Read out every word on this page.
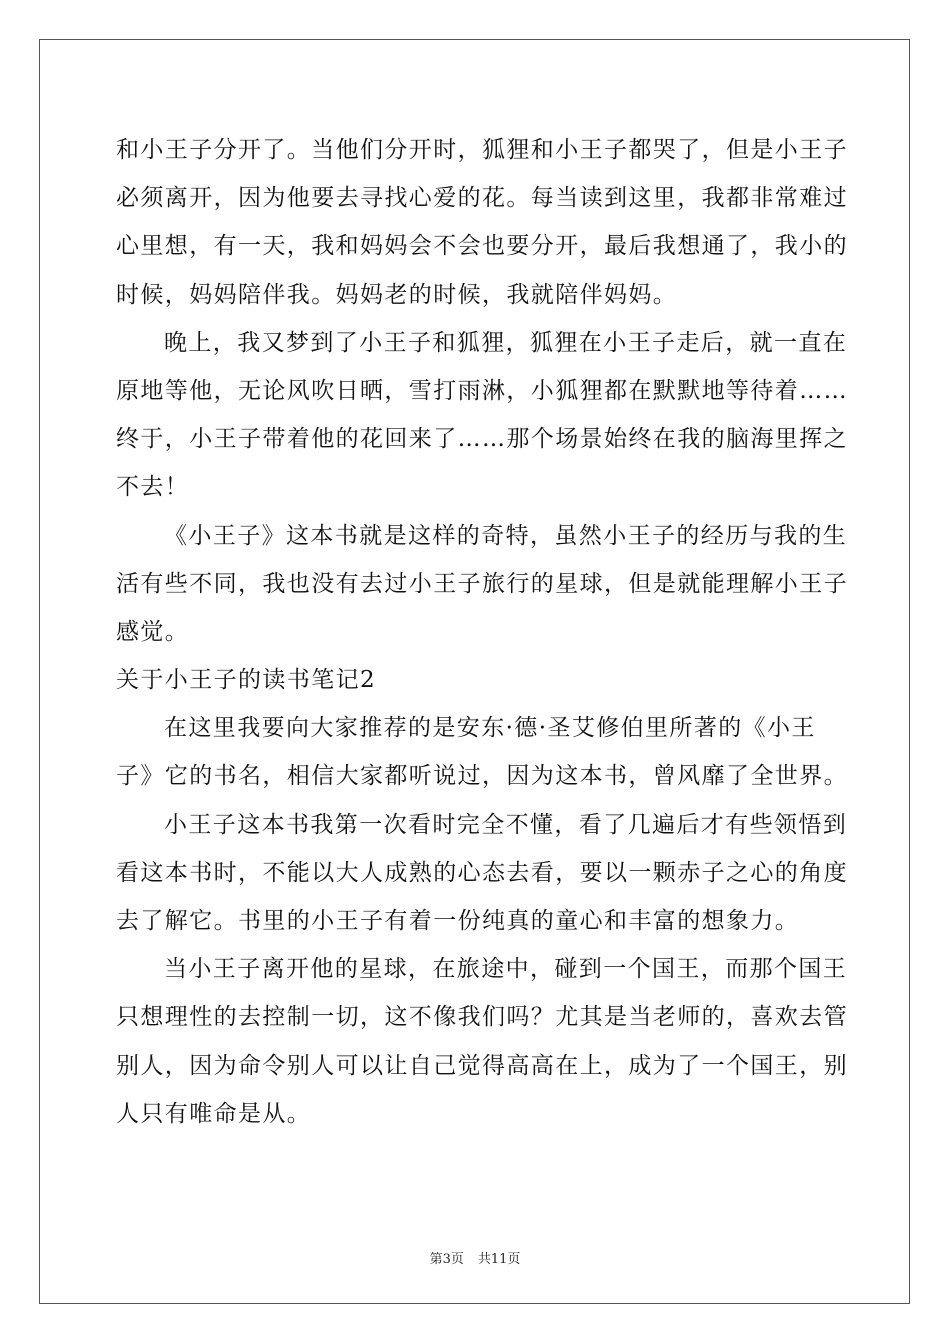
和小王子分开了。当他们分开时，狐狸和小王子都哭了，但是小王子
必须离开，因为他要去寻找心爱的花。每当读到这里，我都非常难过
心里想，有一天，我和妈妈会不会也要分开，最后我想通了，我小的
时候，妈妈陪伴我。妈妈老的时候，我就陪伴妈妈。
晚上，我又梦到了小王子和狐狸，狐狸在小王子走后，就一直在
原地等他，无论风吹日晒，雪打雨淋，小狐狸都在默默地等待着……
终于，小王子带着他的花回来了……那个场景始终在我的脑海里挥之
不去！
《小王子》这本书就是这样的奇特，虽然小王子的经历与我的生
活有些不同，我也没有去过小王子旅行的星球，但是就能理解小王子
感觉。
关于小王子的读书笔记2
在这里我要向大家推荐的是安东·德·圣艾修伯里所著的《小王
子》它的书名，相信大家都听说过，因为这本书，曾风靡了全世界。
小王子这本书我第一次看时完全不懂，看了几遍后才有些领悟到
看这本书时，不能以大人成熟的心态去看，要以一颗赤子之心的角度
去了解它。书里的小王子有着一份纯真的童心和丰富的想象力。
当小王子离开他的星球，在旅途中，碰到一个国王，而那个国王
只想理性的去控制一切，这不像我们吗？尤其是当老师的，喜欢去管
别人，因为命令别人可以让自己觉得高高在上，成为了一个国王，别
人只有唯命是从。
第3页 共11页
